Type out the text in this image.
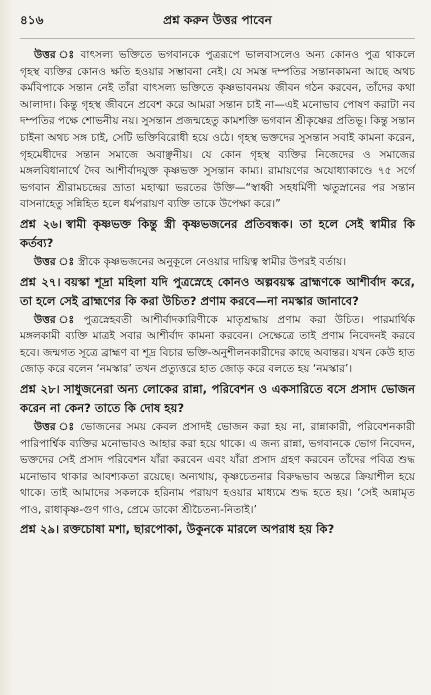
৪১৬	প্রশ্ন করুন উত্তর পাবেন

উত্তর ঃ বাৎসল্য ভক্তিতে ভগবানকে পুত্ররূপে ভালবাসলেও অন্য কোনও পুত্র থাকলে গৃহস্থ ব্যক্তির কোনও ক্ষতি হওয়ার সম্ভাবনা নেই। যে সমস্ত দম্পতির সন্তানকামনা আছে অথচ কর্মবিপাকে সন্তান নেই তাঁরা বাৎসল্য ভক্তিতে কৃষ্ণভাবনময় জীবন গঠন করবেন, তাঁদের কথা আলাদা। কিন্তু গৃহস্থ জীবনে প্রবেশ করে আমরা সন্তান চাই না—এই মনোভাব পোষণ করাটা নব দম্পতির পক্ষে শোভনীয় নয়। সুসন্তান প্রজন্মহেতু কামশক্তি ভগবান শ্রীকৃষ্ণের প্রতিভূ। কিন্তু সন্তান চাইনা অথচ সঙ্গ চাই, সেটি ভক্তিবিরোধী হয়ে ওঠে। গৃহস্থ ভক্তদের সুসন্তান সবাই কামনা করেন, গৃহমেধীদের সন্তান সমাজে অবাঞ্ছনীয়। যে কোন গৃহস্থ ব্যক্তির নিজেদের ও সমাজের মঙ্গলবিধানার্থে দৈব আশীর্বাদযুক্ত কৃষ্ণভক্ত সুসন্তান কাম্য। রামায়ণের অযোধ্যাকাণ্ডে ৭৫ সর্গে ভগবান শ্রীরামচন্দ্রের ভ্রাতা মহাত্মা ভরতের উক্তি—“স্বাধ্বী সহধর্মিণী ঋতুস্নানের পর সন্তান বাসনাহেতু সন্নিহিত হলে ধর্মপরায়ণ ব্যক্তি তাকে উপেক্ষা করে।”

প্রশ্ন ২৬। স্বামী কৃষ্ণভক্ত কিন্তু স্ত্রী কৃষ্ণভজনের প্রতিবন্ধক। তা হলে সেই স্বামীর কি কর্তব্য?

উত্তর ঃ স্ত্রীকে কৃষ্ণভজনের অনুকূলে নেওয়ার দায়িত্ব স্বামীর উপরই বর্তায়।

প্রশ্ন ২৭। বয়স্কা শূদ্রা মহিলা যদি পুত্রস্নেহে কোনও অল্পবয়স্ক ব্রাহ্মণকে আশীর্বাদ করে, তা হলে সেই ব্রাহ্মণের কি করা উচিত? প্রণাম করবে—না নমস্কার জানাবে?

উত্তর ঃ পুত্রস্নেহবতী আশীর্বাদকারিণীকে মাতৃশ্রদ্ধায় প্রণাম করা উচিত। পারমার্থিক মঙ্গলকামী ব্যক্তি মাত্রই সবার আশীর্বাদ কামনা করবেন। সেক্ষেত্রে তাই প্রণাম নিবেদনই করবে হবে। জন্মগত সূত্রে ব্রাহ্মণ বা শূদ্র বিচার ভক্তি-অনুশীলনকারীদের কাছে অবান্তর। যখন কেউ হাত জোড় করে বলেন ‘নমস্কার’ তখন প্রত্যুত্তরে হাত জোড় করে বলতে হয় ‘নমস্কার’।

প্রশ্ন ২৮। সাধুজনেরা অন্য লোকের রান্না, পরিবেশন ও একসারিতে বসে প্রসাদ ভোজন করেন না কেন? তাতে কি দোষ হয়?

উত্তর ঃ ভোজনের সময় কেবল প্রসাদই ভোজন করা হয় না, রান্নাকারী, পরিবেশনকারী পারিপার্শ্বিক ব্যক্তির মনোভাবও আহার করা হয়ে থাকে। এ জন্য রান্না, ভগবানকে ভোগ নিবেদন, ভক্তদের সেই প্রসাদ পরিবেশন যাঁরা করবেন এবং যাঁরা প্রসাদ গ্রহণ করবেন তাঁদের পবিত্র শুদ্ধ মনোভাব থাকার আবশ্যকতা রয়েছে। অন্যথায়, কৃষ্ণচেতনার বিরুদ্ধভাব অন্তরে ক্রিয়াশীল হয়ে থাকে। তাই আমাদের সকলকে হরিনাম পরায়ণ হওয়ার মাধ্যমে শুদ্ধ হতে হয়। ‘সেই অন্নামৃত পাও, রাধাকৃষ্ণ-গুণ গাও, প্রেমে ডাকো শ্রীচৈতন্য-নিতাই।’

প্রশ্ন ২৯। রক্তচোষা মশা, ছারপোকা, উকুনকে মারলে অপরাধ হয় কি?
